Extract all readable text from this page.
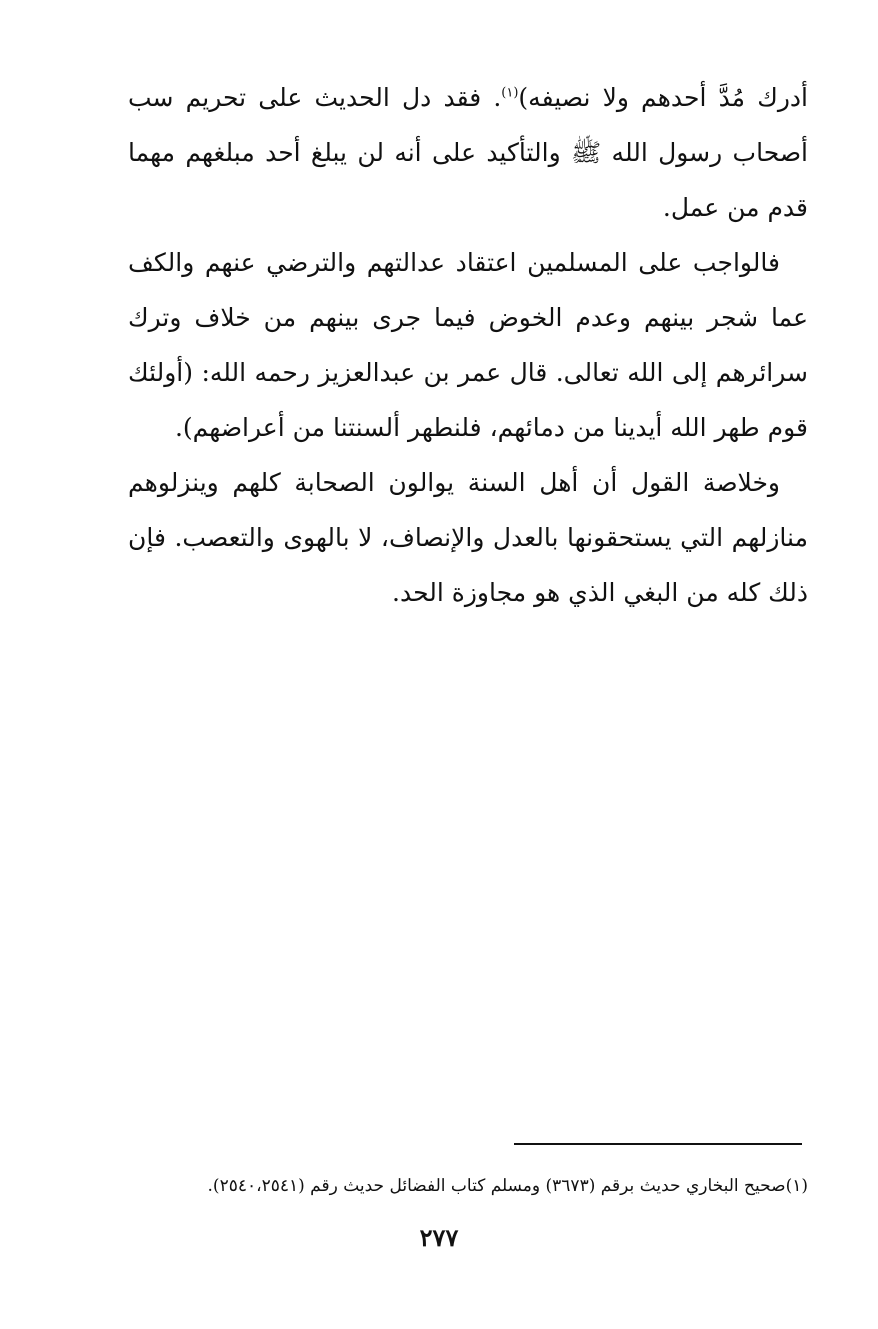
أدرك مُدَّ أحدهم ولا نصيفه)$^{(١)}$. فقد دل الحديث على تحريم سب أصحاب رسول الله ﷺ والتأكيد على أنه لن يبلغ أحد مبلغهم مهما قدم من عمل.

فالواجب على المسلمين اعتقاد عدالتهم والترضي عنهم والكف عما شجر بينهم وعدم الخوض فيما جرى بينهم من خلاف وترك سرائرهم إلى الله تعالى. قال عمر بن عبدالعزيز رحمه الله: (أولئك قوم طهر الله أيدينا من دمائهم، فلنطهر ألسنتنا من أعراضهم).

وخلاصة القول أن أهل السنة يوالون الصحابة كلهم وينزلوهم منازلهم التي يستحقونها بالعدل والإنصاف، لا بالهوى والتعصب. فإن ذلك كله من البغي الذي هو مجاوزة الحد.

(١)صحيح البخاري حديث برقم (٣٦٧٣) ومسلم كتاب الفضائل حديث رقم (٢٥٤٠،٢٥٤١).
٢٧٧
